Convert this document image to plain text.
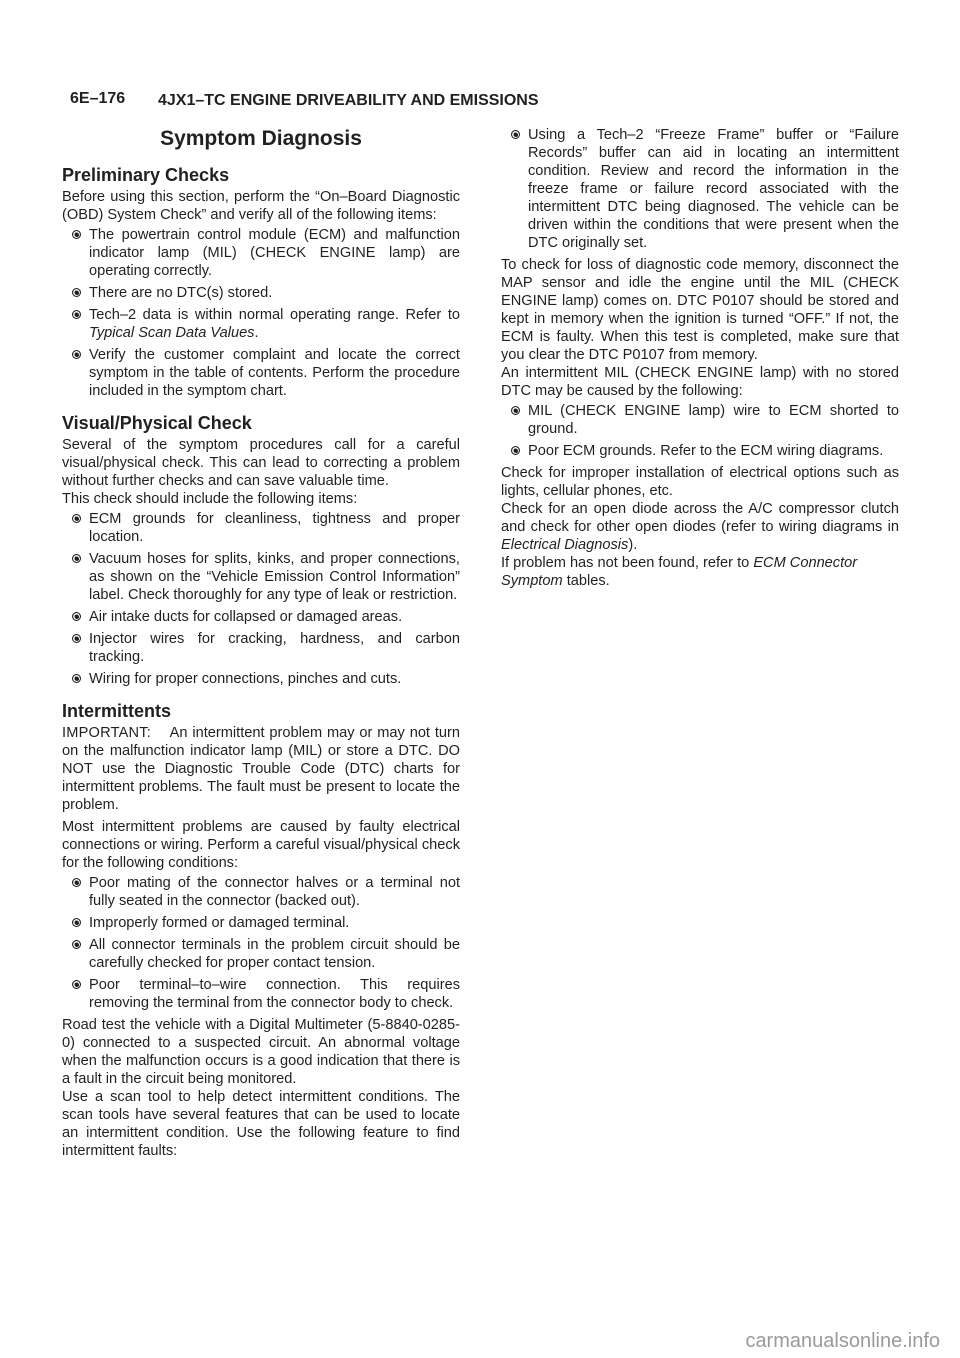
6E–176 4JX1–TC ENGINE DRIVEABILITY AND EMISSIONS
Symptom Diagnosis
Preliminary Checks

Before using this section, perform the “On–Board Diagnostic (OBD) System Check” and verify all of the following items:

The powertrain control module (ECM) and malfunction indicator lamp (MIL) (CHECK ENGINE lamp) are operating correctly.
There are no DTC(s) stored.
Tech–2 data is within normal operating range. Refer to Typical Scan Data Values.
Verify the customer complaint and locate the correct symptom in the table of contents. Perform the procedure included in the symptom chart.
Visual/Physical Check

Several of the symptom procedures call for a careful visual/physical check. This can lead to correcting a problem without further checks and can save valuable time.

This check should include the following items:

ECM grounds for cleanliness, tightness and proper location.
Vacuum hoses for splits, kinks, and proper connections, as shown on the “Vehicle Emission Control Information” label. Check thoroughly for any type of leak or restriction.
Air intake ducts for collapsed or damaged areas.
Injector wires for cracking, hardness, and carbon tracking.
Wiring for proper connections, pinches and cuts.
Intermittents

IMPORTANT: An intermittent problem may or may not turn on the malfunction indicator lamp (MIL) or store a DTC. DO NOT use the Diagnostic Trouble Code (DTC) charts for intermittent problems. The fault must be present to locate the problem.

Most intermittent problems are caused by faulty electrical connections or wiring. Perform a careful visual/physical check for the following conditions:

Poor mating of the connector halves or a terminal not fully seated in the connector (backed out).
Improperly formed or damaged terminal.
All connector terminals in the problem circuit should be carefully checked for proper contact tension.
Poor terminal–to–wire connection. This requires removing the terminal from the connector body to check.

Road test the vehicle with a Digital Multimeter (5-8840-0285-0) connected to a suspected circuit. An abnormal voltage when the malfunction occurs is a good indication that there is a fault in the circuit being monitored.

Use a scan tool to help detect intermittent conditions. The scan tools have several features that can be used to locate an intermittent condition. Use the following feature to find intermittent faults:

Using a Tech–2 “Freeze Frame” buffer or “Failure Records” buffer can aid in locating an intermittent condition. Review and record the information in the freeze frame or failure record associated with the intermittent DTC being diagnosed. The vehicle can be driven within the conditions that were present when the DTC originally set.

To check for loss of diagnostic code memory, disconnect the MAP sensor and idle the engine until the MIL (CHECK ENGINE lamp) comes on. DTC P0107 should be stored and kept in memory when the ignition is turned “OFF.” If not, the ECM is faulty. When this test is completed, make sure that you clear the DTC P0107 from memory.

An intermittent MIL (CHECK ENGINE lamp) with no stored DTC may be caused by the following:

MIL (CHECK ENGINE lamp) wire to ECM shorted to ground.
Poor ECM grounds. Refer to the ECM wiring diagrams.

Check for improper installation of electrical options such as lights, cellular phones, etc.

Check for an open diode across the A/C compressor clutch and check for other open diodes (refer to wiring diagrams in Electrical Diagnosis).

If problem has not been found, refer to ECM Connector Symptom tables.

carmanualsonline.info
